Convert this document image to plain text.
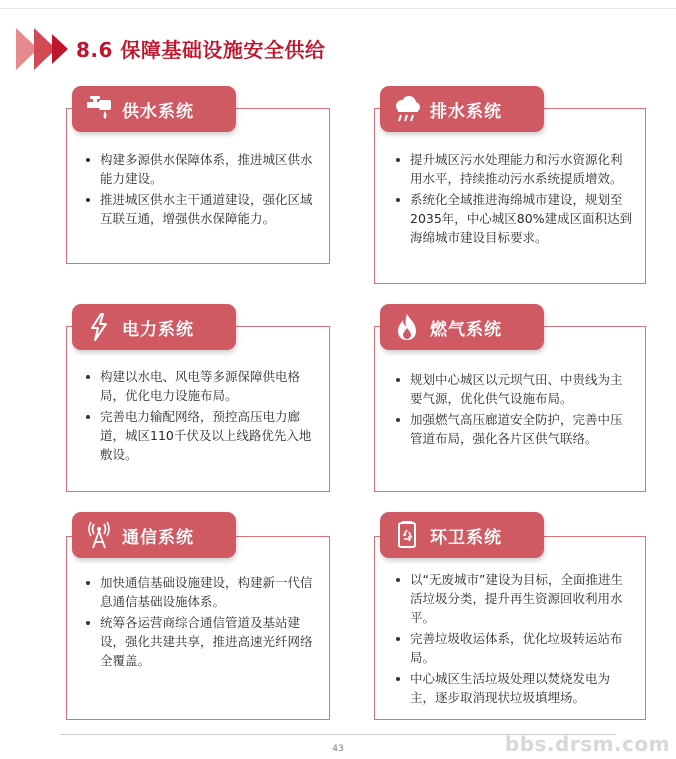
8.6 保障基础设施安全供给
供水系统
构建多源供水保障体系，推进城区供水能力建设。
推进城区供水主干通道建设，强化区域互联互通，增强供水保障能力。
排水系统
提升城区污水处理能力和污水资源化利用水平，持续推动污水系统提质增效。
系统化全域推进海绵城市建设，规划至2035年，中心城区80%建成区面积达到海绵城市建设目标要求。
电力系统
构建以水电、风电等多源保障供电格局，优化电力设施布局。
完善电力输配网络，预控高压电力廊道，城区110千伏及以上线路优先入地敷设。
燃气系统
规划中心城区以元坝气田、中贵线为主要气源，优化供气设施布局。
加强燃气高压廊道安全防护，完善中压管道布局，强化各片区供气联络。
通信系统
加快通信基础设施建设，构建新一代信息通信基础设施体系。
统筹各运营商综合通信管道及基站建设，强化共建共享，推进高速光纤网络全覆盖。
环卫系统
以“无废城市”建设为目标，全面推进生活垃圾分类，提升再生资源回收利用水平。
完善垃圾收运体系，优化垃圾转运站布局。
中心城区生活垃圾处理以焚烧发电为主，逐步取消现状垃圾填埋场。
43	bbs.drsm.com
